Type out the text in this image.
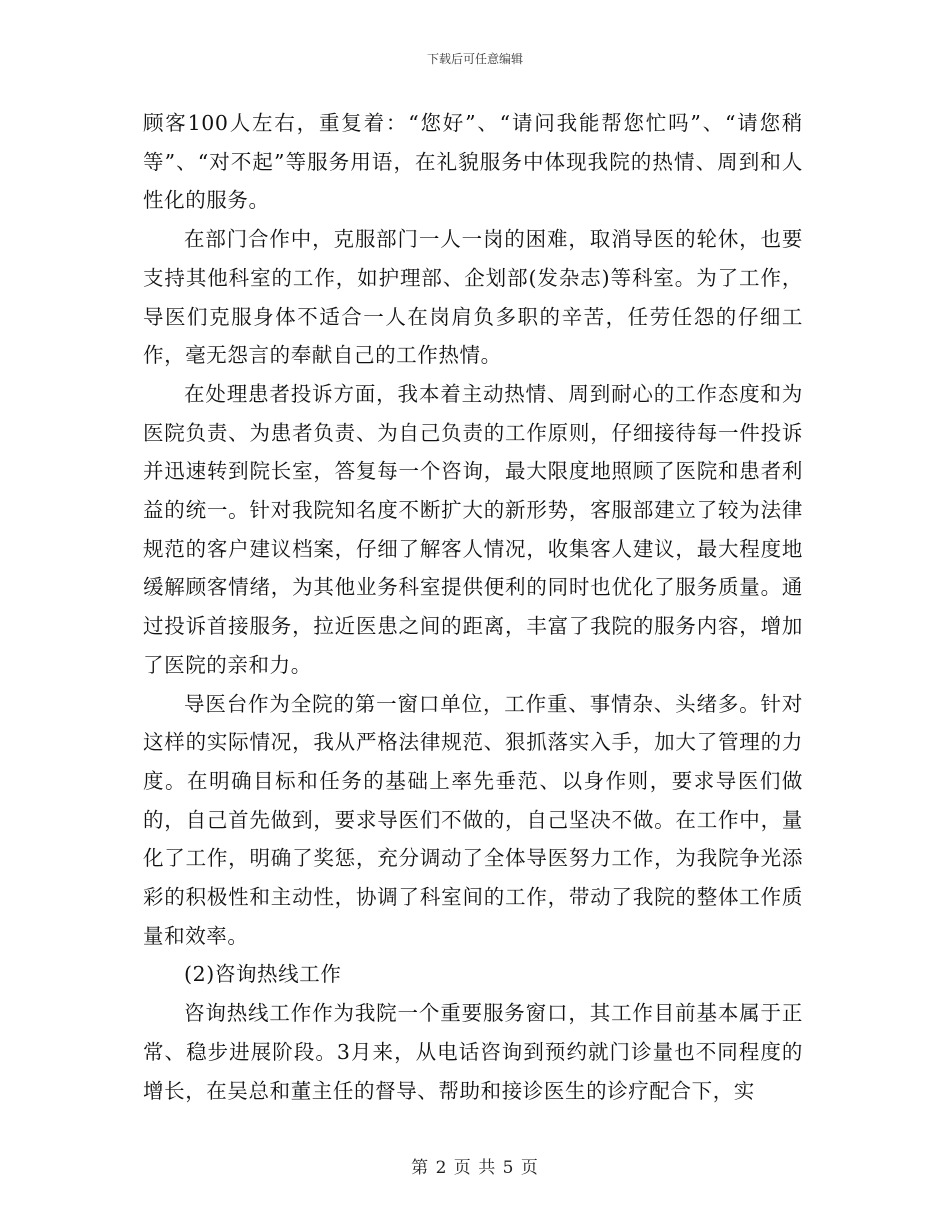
下载后可任意编辑

顾客100人左右，重复着：“您好”、“请问我能帮您忙吗”、“请您稍等”、“对不起”等服务用语，在礼貌服务中体现我院的热情、周到和人性化的服务。

在部门合作中，克服部门一人一岗的困难，取消导医的轮休，也要支持其他科室的工作，如护理部、企划部(发杂志)等科室。为了工作，导医们克服身体不适合一人在岗肩负多职的辛苦，任劳任怨的仔细工作，毫无怨言的奉献自己的工作热情。

在处理患者投诉方面，我本着主动热情、周到耐心的工作态度和为医院负责、为患者负责、为自己负责的工作原则，仔细接待每一件投诉并迅速转到院长室，答复每一个咨询，最大限度地照顾了医院和患者利益的统一。针对我院知名度不断扩大的新形势，客服部建立了较为法律规范的客户建议档案，仔细了解客人情况，收集客人建议，最大程度地缓解顾客情绪，为其他业务科室提供便利的同时也优化了服务质量。通过投诉首接服务，拉近医患之间的距离，丰富了我院的服务内容，增加了医院的亲和力。

导医台作为全院的第一窗口单位，工作重、事情杂、头绪多。针对这样的实际情况，我从严格法律规范、狠抓落实入手，加大了管理的力度。在明确目标和任务的基础上率先垂范、以身作则，要求导医们做的，自己首先做到，要求导医们不做的，自己坚决不做。在工作中，量化了工作，明确了奖惩，充分调动了全体导医努力工作，为我院争光添彩的积极性和主动性，协调了科室间的工作，带动了我院的整体工作质量和效率。

(2)咨询热线工作

咨询热线工作作为我院一个重要服务窗口，其工作目前基本属于正常、稳步进展阶段。3月来，从电话咨询到预约就门诊量也不同程度的增长，在吴总和董主任的督导、帮助和接诊医生的诊疗配合下，实

第 2 页 共 5 页
